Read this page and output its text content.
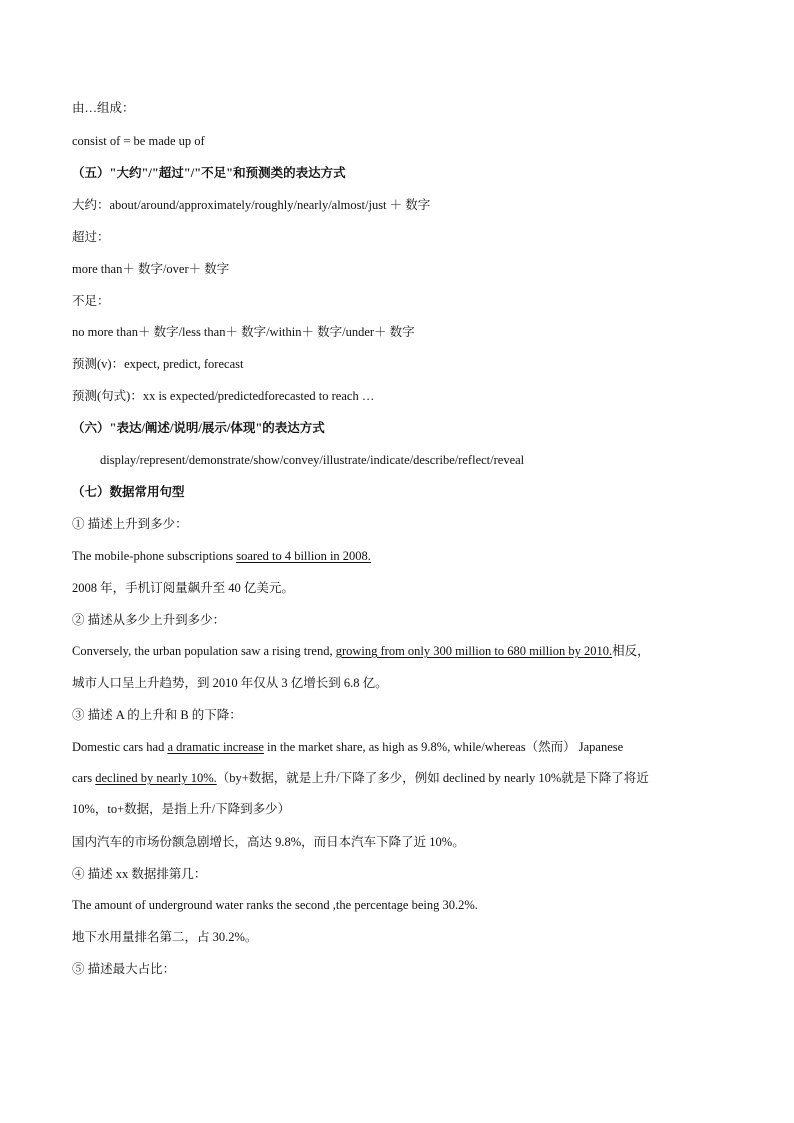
由…组成：
consist of = be made up of
（五）"大约"/"超过"/"不足"和预测类的表达方式
大约：about/around/approximately/roughly/nearly/almost/just ＋ 数字
超过：
more than＋ 数字/over＋ 数字
不足：
no more than＋ 数字/less than＋ 数字/within＋ 数字/under＋ 数字
预测(v)：expect, predict, forecast
预测(句式)：xx is expected/predictedforecasted to reach …
（六）"表达/阐述/说明/展示/体现"的表达方式
display/represent/demonstrate/show/convey/illustrate/indicate/describe/reflect/reveal
（七）数据常用句型
① 描述上升到多少：
The mobile-phone subscriptions soared to 4 billion in 2008.
2008 年，手机订阅量飙升至 40 亿美元。
② 描述从多少上升到多少：
Conversely, the urban population saw a rising trend, growing from only 300 million to 680 million by 2010.相反，
城市人口呈上升趋势，到 2010 年仅从 3 亿增长到 6.8 亿。
③ 描述 A 的上升和 B 的下降：
Domestic cars had a dramatic increase in the market share, as high as 9.8%, while/whereas（然而） Japanese
cars declined by nearly 10%.（by+数据，就是上升/下降了多少，例如 declined by nearly 10%就是下降了将近
10%，to+数据，是指上升/下降到多少）
国内汽车的市场份额急剧增长，高达 9.8%，而日本汽车下降了近 10%。
④ 描述 xx 数据排第几：
The amount of underground water ranks the second ,the percentage being 30.2%.
地下水用量排名第二，占 30.2%。
⑤ 描述最大占比：
